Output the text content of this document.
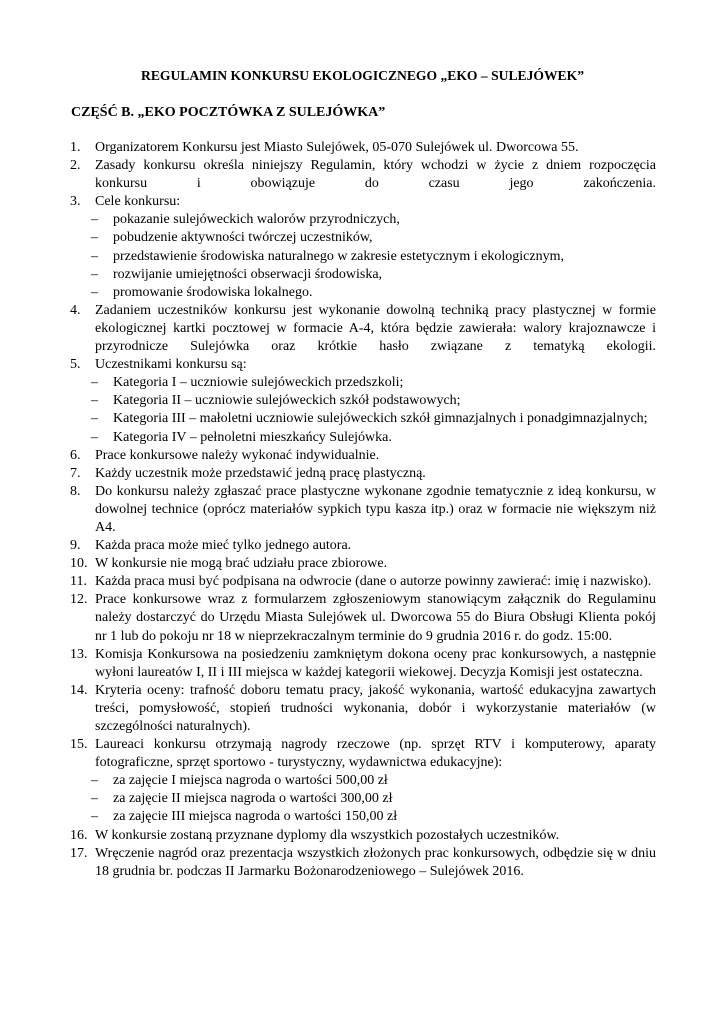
REGULAMIN KONKURSU EKOLOGICZNEGO „EKO – SULEJÓWEK”
CZĘŚĆ B. „EKO POCZTÓWKA Z SULEJÓWKA”
1. Organizatorem Konkursu jest Miasto Sulejówek, 05-070 Sulejówek ul. Dworcowa 55.
2. Zasady konkursu określa niniejszy Regulamin, który wchodzi w życie z dniem rozpoczęcia konkursu i obowiązuje do czasu jego zakończenia.
3. Cele konkursu:
– pokazanie sulejóweckich walorów przyrodniczych,
– pobudzenie aktywności twórczej uczestników,
– przedstawienie środowiska naturalnego w zakresie estetycznym i ekologicznym,
– rozwijanie umiejętności obserwacji środowiska,
– promowanie środowiska lokalnego.
4. Zadaniem uczestników konkursu jest wykonanie dowolną techniką pracy plastycznej w formie ekologicznej kartki pocztowej w formacie A-4, która będzie zawierała: walory krajoznawcze i przyrodnicze Sulejówka oraz krótkie hasło związane z tematyką ekologii.
5. Uczestnikami konkursu są:
– Kategoria I – uczniowie sulejóweckich przedszkoli;
– Kategoria II – uczniowie sulejóweckich szkół podstawowych;
– Kategoria III – małoletni uczniowie sulejóweckich szkół gimnazjalnych i ponadgimnazjalnych;
– Kategoria IV – pełnoletni mieszkańcy Sulejówka.
6. Prace konkursowe należy wykonać indywidualnie.
7. Każdy uczestnik może przedstawić jedną pracę plastyczną.
8. Do konkursu należy zgłaszać prace plastyczne wykonane zgodnie tematycznie z ideą konkursu, w dowolnej technice (oprócz materiałów sypkich typu kasza itp.) oraz w formacie nie większym niż A4.
9. Każda praca może mieć tylko jednego autora.
10. W konkursie nie mogą brać udziału prace zbiorowe.
11. Każda praca musi być podpisana na odwrocie (dane o autorze powinny zawierać: imię i nazwisko).
12. Prace konkursowe wraz z formularzem zgłoszeniowym stanowiącym załącznik do Regulaminu należy dostarczyć do Urzędu Miasta Sulejówek ul. Dworcowa 55 do Biura Obsługi Klienta pokój nr 1 lub do pokoju nr 18 w nieprzekraczalnym terminie do 9 grudnia 2016 r. do godz. 15:00.
13. Komisja Konkursowa na posiedzeniu zamkniętym dokona oceny prac konkursowych, a następnie wyłoni laureatów I, II i III miejsca w każdej kategorii wiekowej. Decyzja Komisji jest ostateczna.
14. Kryteria oceny: trafność doboru tematu pracy, jakość wykonania, wartość edukacyjna zawartych treści, pomysłowość, stopień trudności wykonania, dobór i wykorzystanie materiałów (w szczególności naturalnych).
15. Laureaci konkursu otrzymają nagrody rzeczowe (np. sprzęt RTV i komputerowy, aparaty fotograficzne, sprzęt sportowo - turystyczny, wydawnictwa edukacyjne):
– za zajęcie I miejsca nagroda o wartości 500,00 zł
– za zajęcie II miejsca nagroda o wartości 300,00 zł
– za zajęcie III miejsca nagroda o wartości 150,00 zł
16. W konkursie zostaną przyznane dyplomy dla wszystkich pozostałych uczestników.
17. Wręczenie nagród oraz prezentacja wszystkich złożonych prac konkursowych, odbędzie się w dniu 18 grudnia br. podczas II Jarmarku Bożonarodzeniowego – Sulejówek 2016.
